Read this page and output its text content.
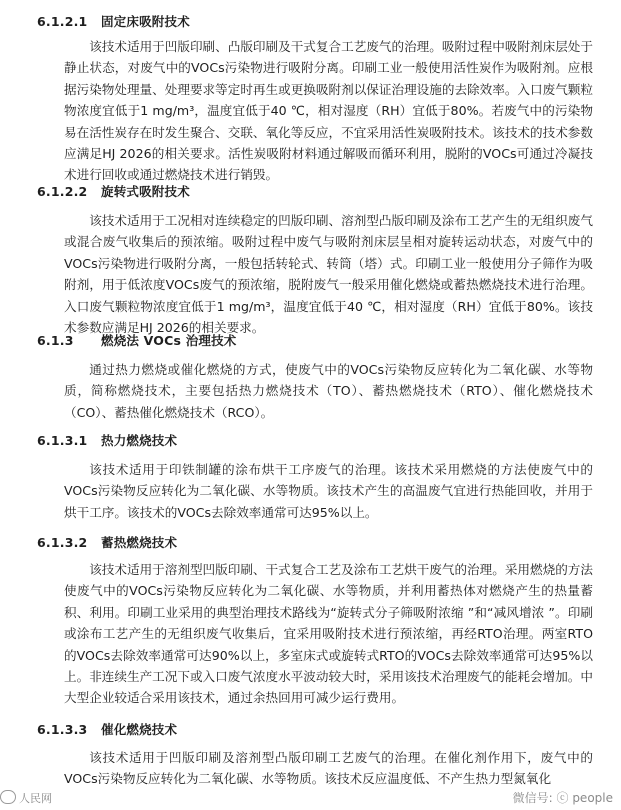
6.1.2.1 固定床吸附技术
该技术适用于凹版印刷、凸版印刷及干式复合工艺废气的治理。吸附过程中吸附剂床层处于静止状态，对废气中的VOCs污染物进行吸附分离。印刷工业一般使用活性炭作为吸附剂。应根据污染物处理量、处理要求等定时再生或更换吸附剂以保证治理设施的去除效率。入口废气颗粒物浓度宜低于1 mg/m³，温度宜低于40 ℃，相对湿度（RH）宜低于80%。若废气中的污染物易在活性炭存在时发生聚合、交联、氧化等反应，不宜采用活性炭吸附技术。该技术的技术参数应满足HJ 2026的相关要求。活性炭吸附材料通过解吸而循环利用，脱附的VOCs可通过冷凝技术进行回收或通过燃烧技术进行销毁。
6.1.2.2 旋转式吸附技术
该技术适用于工况相对连续稳定的凹版印刷、溶剂型凸版印刷及涂布工艺产生的无组织废气或混合废气收集后的预浓缩。吸附过程中废气与吸附剂床层呈相对旋转运动状态，对废气中的VOCs污染物进行吸附分离，一般包括转轮式、转筒（塔）式。印刷工业一般使用分子筛作为吸附剂，用于低浓度VOCs废气的预浓缩，脱附废气一般采用催化燃烧或蓄热燃烧技术进行治理。入口废气颗粒物浓度宜低于1 mg/m³，温度宜低于40 ℃，相对湿度（RH）宜低于80%。该技术参数应满足HJ 2026的相关要求。
6.1.3 燃烧法 VOCs 治理技术
通过热力燃烧或催化燃烧的方式，使废气中的VOCs污染物反应转化为二氧化碳、水等物质，简称燃烧技术，主要包括热力燃烧技术（TO）、蓄热燃烧技术（RTO）、催化燃烧技术（CO）、蓄热催化燃烧技术（RCO）。
6.1.3.1 热力燃烧技术
该技术适用于印铁制罐的涂布烘干工序废气的治理。该技术采用燃烧的方法使废气中的VOCs污染物反应转化为二氧化碳、水等物质。该技术产生的高温废气宜进行热能回收，并用于烘干工序。该技术的VOCs去除效率通常可达95%以上。
6.1.3.2 蓄热燃烧技术
该技术适用于溶剂型凹版印刷、干式复合工艺及涂布工艺烘干废气的治理。采用燃烧的方法使废气中的VOCs污染物反应转化为二氧化碳、水等物质，并利用蓄热体对燃烧产生的热量蓄积、利用。印刷工业采用的典型治理技术路线为“旋转式分子筛吸附浓缩 ”和“减风增浓 ”。印刷或涂布工艺产生的无组织废气收集后，宜采用吸附技术进行预浓缩，再经RTO治理。两室RTO的VOCs去除效率通常可达90%以上，多室床式或旋转式RTO的VOCs去除效率通常可达95%以上。非连续生产工况下或入口废气浓度水平波动较大时，采用该技术治理废气的能耗会增加。中大型企业较适合采用该技术，通过余热回用可减少运行费用。
6.1.3.3 催化燃烧技术
该技术适用于凹版印刷及溶剂型凸版印刷工艺废气的治理。在催化剂作用下，废气中的VOCs污染物反应转化为二氧化碳、水等物质。该技术反应温度低、不产生热力型氮氧化
人民网	微信号: ⓒ people
